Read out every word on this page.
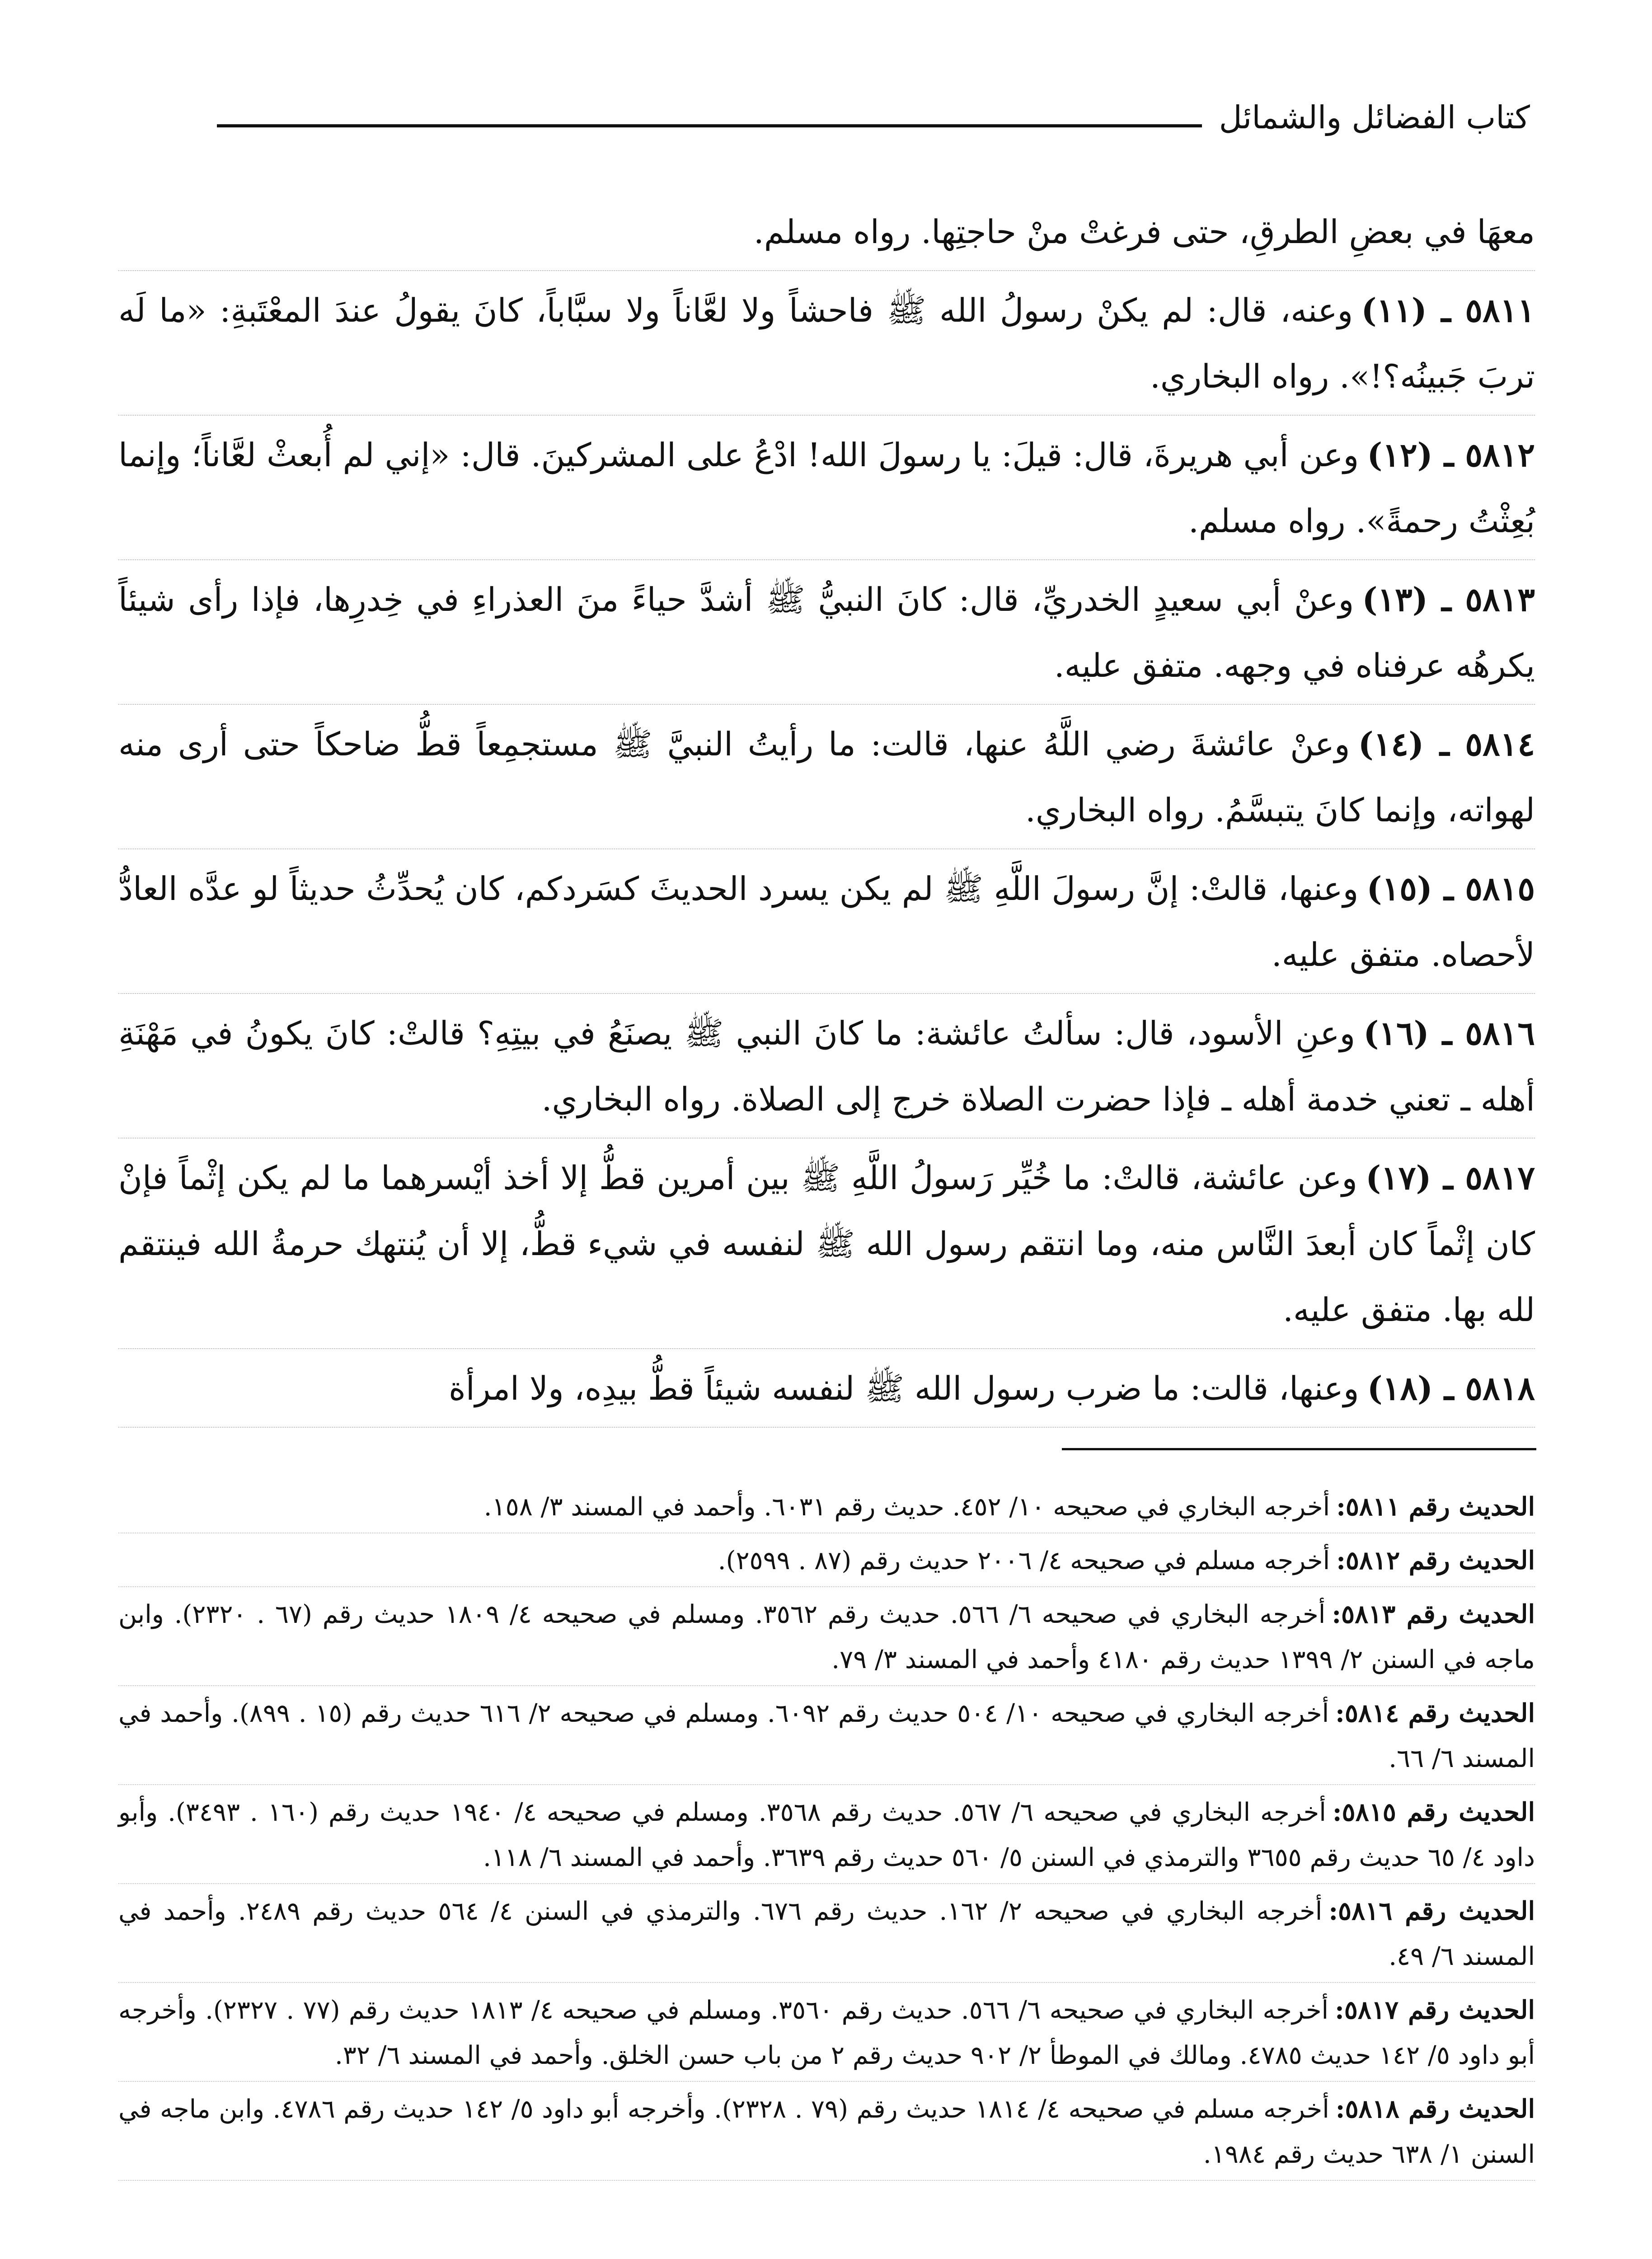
كتاب الفضائل والشمائل

معهَا في بعضِ الطرقِ، حتى فرغتْ منْ حاجتِها. رواه مسلم.

٥٨١١ ـ (١١)وعنه، قال: لم يكنْ رسولُ الله ﷺ فاحشاً ولا لعَّاناً ولا سبَّاباً، كانَ يقولُ عندَ المعْتَبةِ: «ما لَه تربَ جَبينُه؟!». رواه البخاري.

٥٨١٢ ـ (١٢)وعن أبي هريرةَ، قال: قيلَ: يا رسولَ الله! ادْعُ على المشركينَ. قال: «إني لم أُبعثْ لعَّاناً؛ وإنما بُعِثْتُ رحمةً». رواه مسلم.

٥٨١٣ ـ (١٣)وعنْ أبي سعيدٍ الخدريِّ، قال: كانَ النبيُّ ﷺ أشدَّ حياءً منَ العذراءِ في خِدرِها، فإذا رأى شيئاً يكرهُه عرفناه في وجهه. متفق عليه.

٥٨١٤ ـ (١٤)وعنْ عائشةَ رضي اللَّهُ عنها، قالت: ما رأيتُ النبيَّ ﷺ مستجمِعاً قطُّ ضاحكاً حتى أرى منه لهواته، وإنما كانَ يتبسَّمُ. رواه البخاري.

٥٨١٥ ـ (١٥)وعنها، قالتْ: إنَّ رسولَ اللَّهِ ﷺ لم يكن يسرد الحديثَ كسَردكم، كان يُحدِّثُ حديثاً لو عدَّه العادُّ لأحصاه. متفق عليه.

٥٨١٦ ـ (١٦)وعنِ الأسود، قال: سألتُ عائشة: ما كانَ النبي ﷺ يصنَعُ في بيتِهِ؟ قالتْ: كانَ يكونُ في مَهْنَةِ أهله ـ تعني خدمة أهله ـ فإذا حضرت الصلاة خرج إلى الصلاة. رواه البخاري.

٥٨١٧ ـ (١٧)وعن عائشة، قالتْ: ما خُيِّر رَسولُ اللَّهِ ﷺ بين أمرين قطُّ إلا أخذ أيْسرهما ما لم يكن إثْماً فإنْ كان إثْماً كان أبعدَ النَّاس منه، وما انتقم رسول الله ﷺ لنفسه في شيء قطُّ، إلا أن يُنتهك حرمةُ الله فينتقم لله بها. متفق عليه.

٥٨١٨ ـ (١٨)وعنها، قالت: ما ضرب رسول الله ﷺ لنفسه شيئاً قطُّ بيدِه، ولا امرأة

الحديث رقم ٥٨١١:أخرجه البخاري في صحيحه ١٠/ ٤٥٢. حديث رقم ٦٠٣١. وأحمد في المسند ٣/ ١٥٨.

الحديث رقم ٥٨١٢:أخرجه مسلم في صحيحه ٤/ ٢٠٠٦ حديث رقم (٨٧ . ٢٥٩٩).

الحديث رقم ٥٨١٣:أخرجه البخاري في صحيحه ٦/ ٥٦٦. حديث رقم ٣٥٦٢. ومسلم في صحيحه ٤/ ١٨٠٩ حديث رقم (٦٧ . ٢٣٢٠). وابن ماجه في السنن ٢/ ١٣٩٩ حديث رقم ٤١٨٠ وأحمد في المسند ٣/ ٧٩.

الحديث رقم ٥٨١٤:أخرجه البخاري في صحيحه ١٠/ ٥٠٤ حديث رقم ٦٠٩٢. ومسلم في صحيحه ٢/ ٦١٦ حديث رقم (١٥ . ٨٩٩). وأحمد في المسند ٦/ ٦٦.

الحديث رقم ٥٨١٥:أخرجه البخاري في صحيحه ٦/ ٥٦٧. حديث رقم ٣٥٦٨. ومسلم في صحيحه ٤/ ١٩٤٠ حديث رقم (١٦٠ . ٣٤٩٣). وأبو داود ٤/ ٦٥ حديث رقم ٣٦٥٥ والترمذي في السنن ٥/ ٥٦٠ حديث رقم ٣٦٣٩. وأحمد في المسند ٦/ ١١٨.

الحديث رقم ٥٨١٦:أخرجه البخاري في صحيحه ٢/ ١٦٢. حديث رقم ٦٧٦. والترمذي في السنن ٤/ ٥٦٤ حديث رقم ٢٤٨٩. وأحمد في المسند ٦/ ٤٩.

الحديث رقم ٥٨١٧:أخرجه البخاري في صحيحه ٦/ ٥٦٦. حديث رقم ٣٥٦٠. ومسلم في صحيحه ٤/ ١٨١٣ حديث رقم (٧٧ . ٢٣٢٧). وأخرجه أبو داود ٥/ ١٤٢ حديث ٤٧٨٥. ومالك في الموطأ ٢/ ٩٠٢ حديث رقم ٢ من باب حسن الخلق. وأحمد في المسند ٦/ ٣٢.

الحديث رقم ٥٨١٨:أخرجه مسلم في صحيحه ٤/ ١٨١٤ حديث رقم (٧٩ . ٢٣٢٨). وأخرجه أبو داود ٥/ ١٤٢ حديث رقم ٤٧٨٦. وابن ماجه في السنن ١/ ٦٣٨ حديث رقم ١٩٨٤.
